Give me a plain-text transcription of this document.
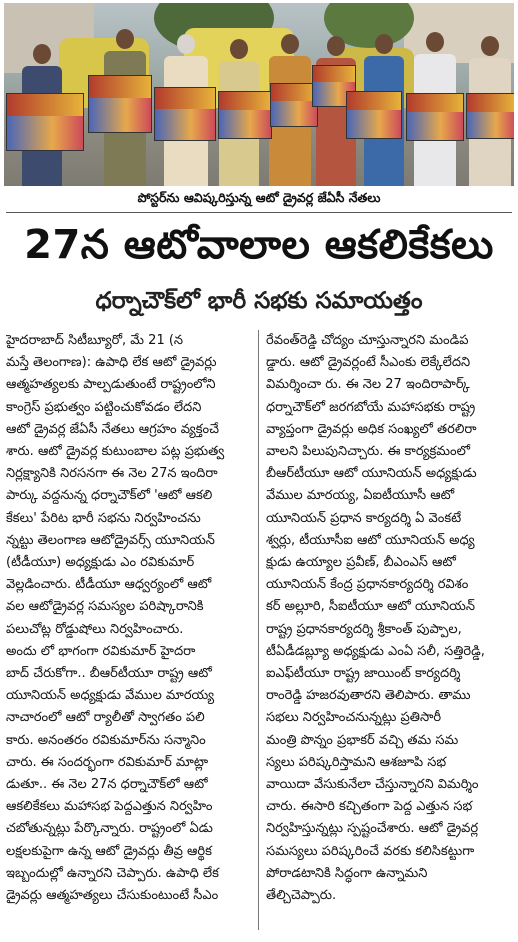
పోస్టర్‌ను ఆవిష్కరిస్తున్న ఆటో డ్రైవర్ల జేఏసీ నేతలు
27న ఆటోవాలాల ఆకలికేకలు
ధర్నాచౌక్‌లో భారీ సభకు సమాయత్తం

హైదరాబాద్ సిటీబ్యూరో, మే 21 (న

మస్తే తెలంగాణ): ఉపాధి లేక ఆటో డ్రైవర్లు

ఆత్మహత్యలకు పాల్పడుతుంటే రాష్ట్రంలోని

కాంగ్రెస్ ప్రభుత్వం పట్టించుకోవడం లేదని

ఆటో డ్రైవర్ల జేఏసీ నేతలు ఆగ్రహం వ్యక్తంచే

శారు. ఆటో డ్రైవర్ల కుటుంబాల పట్ల ప్రభుత్వ

నిర్లక్ష్యానికి నిరసనగా ఈ నెల 27న ఇందిరా

పార్కు వద్దనున్న ధర్నాచౌక్‌లో 'ఆటో ఆకలి

కేకలు' పేరిట భారీ సభను నిర్వహించను

న్నట్టు తెలంగాణ ఆటోడ్రైవర్స్ యూనియన్

(టీడీయూ) అధ్యక్షుడు ఎం రవికుమార్

వెల్లడించారు. టీడీయూ ఆధ్వర్యంలో ఆటో

వల ఆటోడ్రైవర్ల సమస్యల పరిష్కారానికి

పలుచోట్ల రోడ్డుషోలు నిర్వహించారు.

అందు లో భాగంగా రవికుమార్ హైదరా

బాద్ చేరుకోగా.. బీఆర్‌టీయూ రాష్ట్ర ఆటో

యూనియన్ అధ్యక్షుడు వేముల మారయ్య

నాచారంలో ఆటో ర్యాలీతో స్వాగతం పలి

కారు. అనంతరం రవికుమార్‌ను సన్మానిం

చారు. ఈ సందర్భంగా రవికుమార్ మాట్లా

డుతూ.. ఈ నెల 27న ధర్నాచౌక్‌లో ఆటో

ఆకలికేకలు మహాసభ పెద్దఎత్తున నిర్వహిం

చబోతున్నట్లు పేర్కొన్నారు. రాష్ట్రంలో ఏడు

లక్షలకుపైగా ఉన్న ఆటో డ్రైవర్లు తీవ్ర ఆర్థిక

ఇబ్బందుల్లో ఉన్నారని చెప్పారు. ఉపాధి లేక

డ్రైవర్లు ఆత్మహత్యలు చేసుకుంటుంటే సీఎం

రేవంత్‌రెడ్డి చోద్యం చూస్తున్నారని మండిప

డ్డారు. ఆటో డ్రైవర్లంటే సీఎంకు లెక్కేలేదని

విమర్శించా రు. ఈ నెల 27 ఇందిరాపార్క్

ధర్నాచౌక్‌లో జరగబోయే మహాసభకు రాష్ట్ర

వ్యాప్తంగా డ్రైవర్లు అధిక సంఖ్యలో తరలిరా

వాలని పిలుపునిచ్చారు. ఈ కార్యక్రమంలో

బీఆర్‌టీయూ ఆటో యూనియన్ అధ్యక్షుడు

వేముల మారయ్య, ఏఐటీయూసీ ఆటో

యూనియన్ ప్రధాన కార్యదర్శి ఏ వెంకటే

శ్వర్లు, టీయూసీఐ ఆటో యూనియన్ అధ్య

క్షుడు ఉయ్యాల ప్రవీణ్, బీఎంఎస్ ఆటో

యూనియన్ కేంద్ర ప్రధానకార్యదర్శి రవిశం

కర్ అల్లూరి, సీఐటీయూ ఆటో యూనియన్

రాష్ట్ర ప్రధానకార్యదర్శి శ్రీకాంత్ పుప్పాల,

టీఏడీడబ్ల్యూ అధ్యక్షుడు ఎంఏ సలీ, సత్తిరెడ్డి,

ఐఎఫ్‌టీయూ రాష్ట్ర జాయింట్ కార్యదర్శి

రాంరెడ్డి హజరవుతారని తెలిపారు. తాము

సభలు నిర్వహించనున్నట్లు ప్రతిసారీ

మంత్రి పొన్నం ప్రభాకర్ వచ్చి తమ సమ

స్యలు పరిష్కరిస్తామని ఆశజూపి సభ

వాయిదా వేసుకునేలా చేస్తున్నారని విమర్శిం

చారు. ఈసారి కచ్చితంగా పెద్ద ఎత్తున సభ

నిర్వహిస్తున్నట్లు స్పష్టంచేశారు. ఆటో డ్రైవర్ల

సమస్యలు పరిష్కరించే వరకు కలిసికట్టుగా

పోరాడటానికి సిద్ధంగా ఉన్నామని

తేల్చిచెప్పారు.
